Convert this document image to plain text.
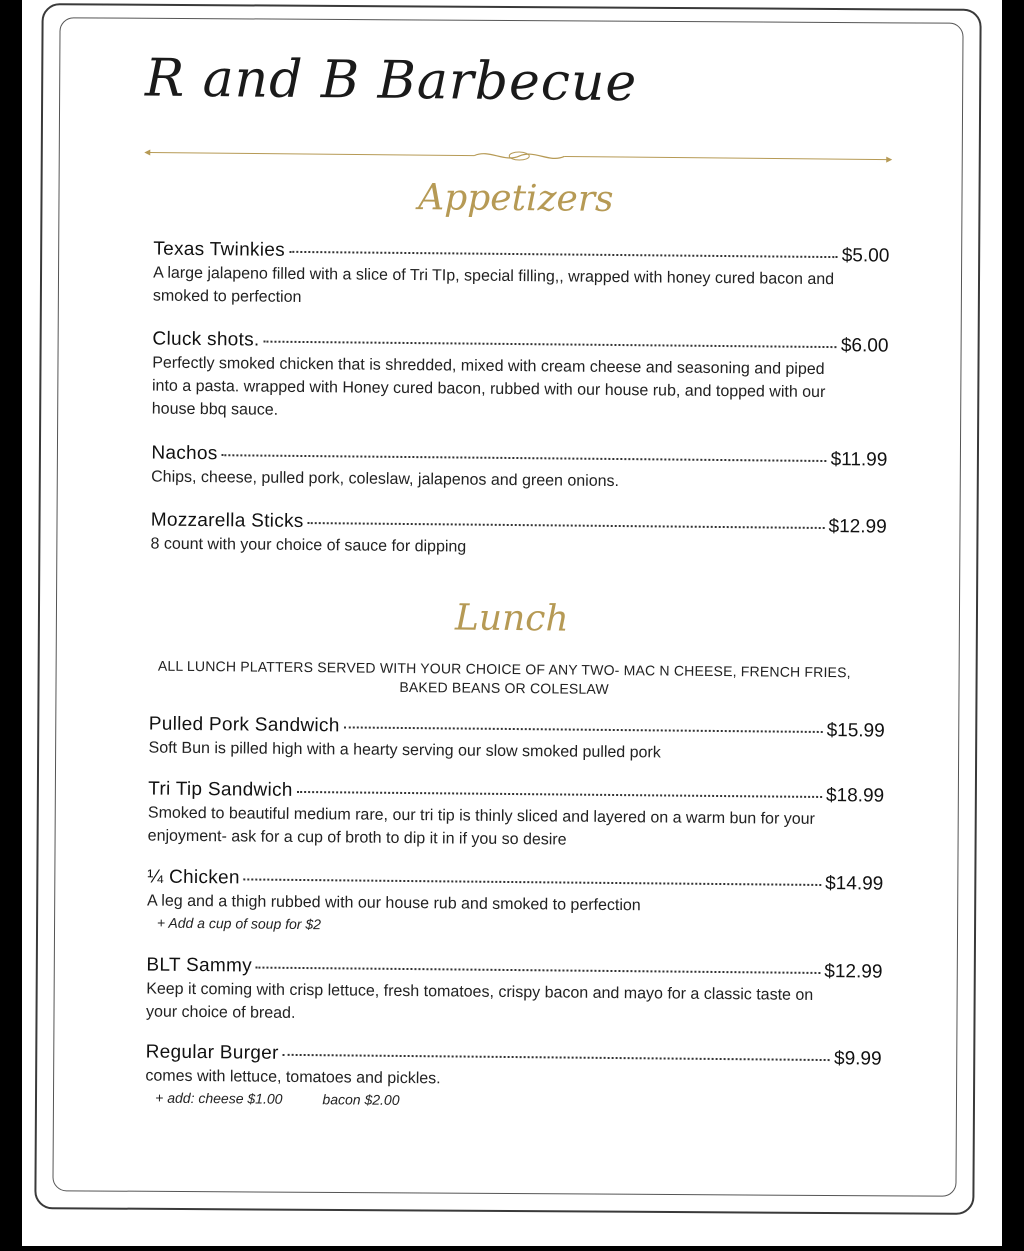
R and B Barbecue
Appetizers
Texas Twinkies	$5.00
A large jalapeno filled with a slice of Tri TIp, special filling,, wrapped with honey cured bacon and smoked to perfection
Cluck shots.	$6.00
Perfectly smoked chicken that is shredded, mixed with cream cheese and seasoning and piped into a pasta. wrapped with Honey cured bacon, rubbed with our house rub, and topped with our house bbq sauce.
Nachos	$11.99
Chips, cheese, pulled pork, coleslaw, jalapenos and green onions.
Mozzarella Sticks	$12.99
8 count with your choice of sauce for dipping
Lunch
ALL LUNCH PLATTERS SERVED WITH YOUR CHOICE OF ANY TWO- MAC N CHEESE, FRENCH FRIES, BAKED BEANS OR COLESLAW
Pulled Pork Sandwich	$15.99
Soft Bun is pilled high with a hearty serving our slow smoked pulled pork
Tri Tip Sandwich	$18.99
Smoked to beautiful medium rare, our tri tip is thinly sliced and layered on a warm bun for your enjoyment- ask for a cup of broth to dip it in if you so desire
¼ Chicken	$14.99
A leg and a thigh rubbed with our house rub and smoked to perfection
+ Add a cup of soup for $2
BLT Sammy	$12.99
Keep it coming with crisp lettuce, fresh tomatoes, crispy bacon and mayo for a classic taste on your choice of bread.
Regular Burger	$9.99
comes with lettuce, tomatoes and pickles.
+ add: cheese $1.00	bacon $2.00
